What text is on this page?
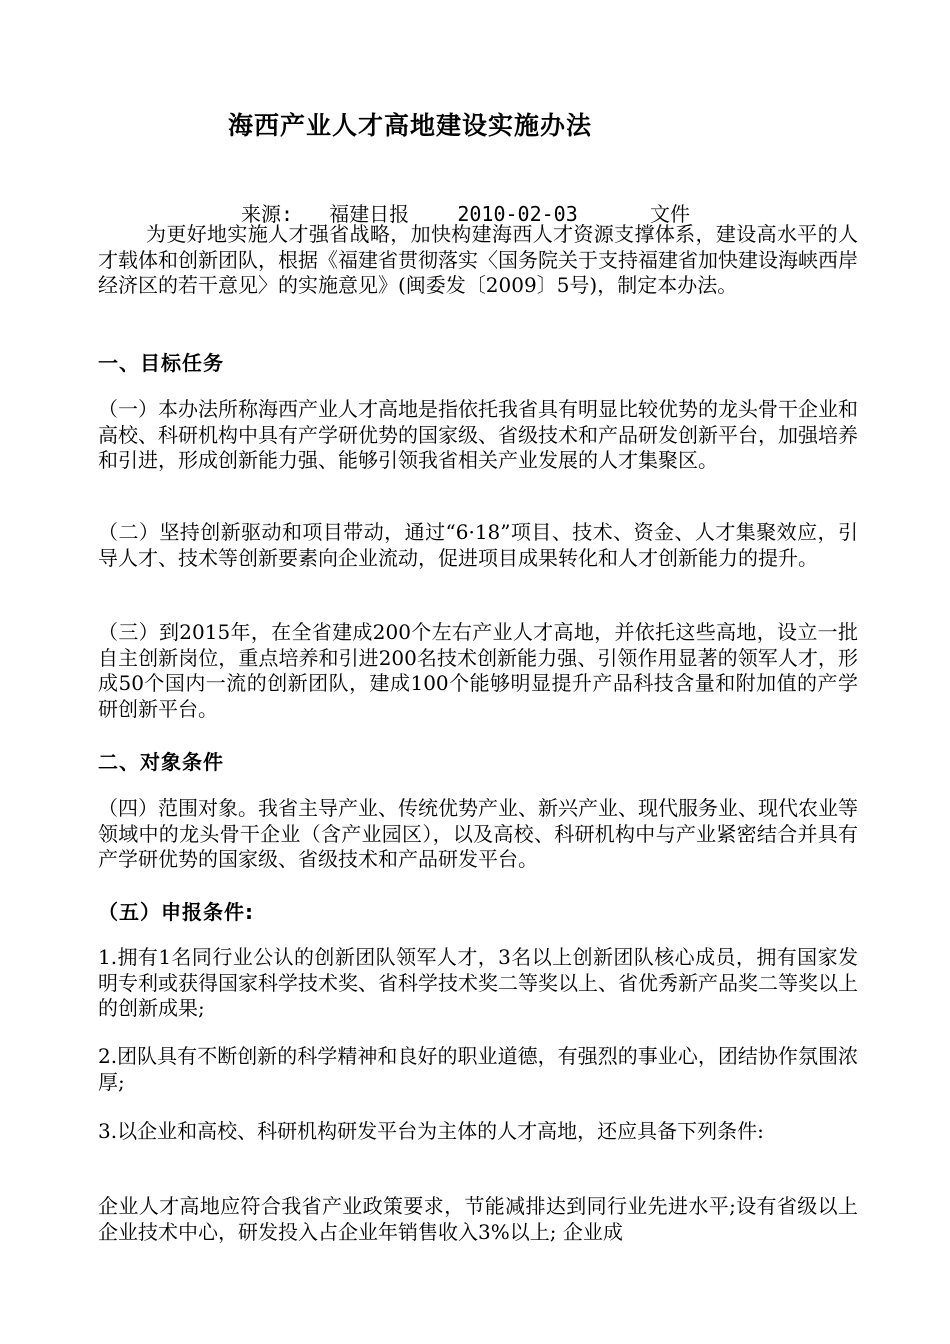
海西产业人才高地建设实施办法
来源:   福建日报    2010-02-03      文件

为更好地实施人才强省战略，加快构建海西人才资源支撑体系，建设高水平的人才载体和创新团队，根据《福建省贯彻落实〈国务院关于支持福建省加快建设海峡西岸经济区的若干意见〉的实施意见》(闽委发〔2009〕5号)，制定本办法。

一、目标任务

（一）本办法所称海西产业人才高地是指依托我省具有明显比较优势的龙头骨干企业和高校、科研机构中具有产学研优势的国家级、省级技术和产品研发创新平台，加强培养和引进，形成创新能力强、能够引领我省相关产业发展的人才集聚区。

（二）坚持创新驱动和项目带动，通过“6·18”项目、技术、资金、人才集聚效应，引导人才、技术等创新要素向企业流动，促进项目成果转化和人才创新能力的提升。

（三）到2015年，在全省建成200个左右产业人才高地，并依托这些高地，设立一批自主创新岗位，重点培养和引进200名技术创新能力强、引领作用显著的领军人才，形成50个国内一流的创新团队，建成100个能够明显提升产品科技含量和附加值的产学研创新平台。

二、对象条件

（四）范围对象。我省主导产业、传统优势产业、新兴产业、现代服务业、现代农业等领域中的龙头骨干企业（含产业园区），以及高校、科研机构中与产业紧密结合并具有产学研优势的国家级、省级技术和产品研发平台。

（五）申报条件:

1.拥有1名同行业公认的创新团队领军人才，3名以上创新团队核心成员，拥有国家发明专利或获得国家科学技术奖、省科学技术奖二等奖以上、省优秀新产品奖二等奖以上的创新成果;

2.团队具有不断创新的科学精神和良好的职业道德，有强烈的事业心，团结协作氛围浓厚;

3.以企业和高校、科研机构研发平台为主体的人才高地，还应具备下列条件:

企业人才高地应符合我省产业政策要求，节能减排达到同行业先进水平;设有省级以上企业技术中心，研发投入占企业年销售收入3%以上; 企业成
